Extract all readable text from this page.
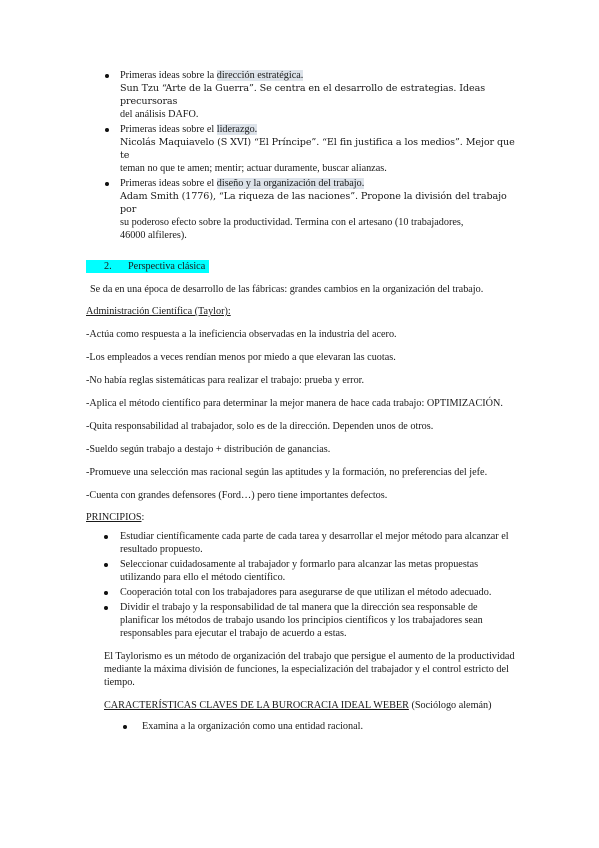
Primeras ideas sobre la dirección estratégica.
Sun Tzu “Arte de la Guerra”. Se centra en el desarrollo de estrategias. Ideas precursoras
del análisis DAFO.
Primeras ideas sobre el liderazgo.
Nicolás Maquiavelo (S XVI) “El Príncipe”. “El fin justifica a los medios”. Mejor que te
teman no que te amen; mentir; actuar duramente, buscar alianzas.
Primeras ideas sobre el diseño y la organización del trabajo.
Adam Smith (1776), “La riqueza de las naciones”. Propone la división del trabajo por
su poderoso efecto sobre la productividad. Termina con el artesano (10 trabajadores,
46000 alfileres).
2. Perspectiva clásica

Se da en una época de desarrollo de las fábricas: grandes cambios en la organización del trabajo.

Administración Científica (Taylor):

-Actúa como respuesta a la ineficiencia observadas en la industria del acero.

-Los empleados a veces rendían menos por miedo a que elevaran las cuotas.

-No había reglas sistemáticas para realizar el trabajo: prueba y error.

-Aplica el método científico para determinar la mejor manera de hace cada trabajo: OPTIMIZACIÓN.

-Quita responsabilidad al trabajador, solo es de la dirección. Dependen unos de otros.

-Sueldo según trabajo a destajo + distribución de ganancias.

-Promueve una selección mas racional según las aptitudes y la formación, no preferencias del jefe.

-Cuenta con grandes defensores (Ford…) pero tiene importantes defectos.

PRINCIPIOS:

Estudiar científicamente cada parte de cada tarea y desarrollar el mejor método para alcanzar el resultado propuesto.
Seleccionar cuidadosamente al trabajador y formarlo para alcanzar las metas propuestas utilizando para ello el método científico.
Cooperación total con los trabajadores para asegurarse de que utilizan el método adecuado.
Dividir el trabajo y la responsabilidad de tal manera que la dirección sea responsable de planificar los métodos de trabajo usando los principios científicos y los trabajadores sean responsables para ejecutar el trabajo de acuerdo a estas.

El Taylorismo es un método de organización del trabajo que persigue el aumento de la productividad mediante la máxima división de funciones, la especialización del trabajador y el control estricto del tiempo.

CARACTERÍSTICAS CLAVES DE LA BUROCRACIA IDEAL WEBER (Sociólogo alemán)

Examina a la organización como una entidad racional.
